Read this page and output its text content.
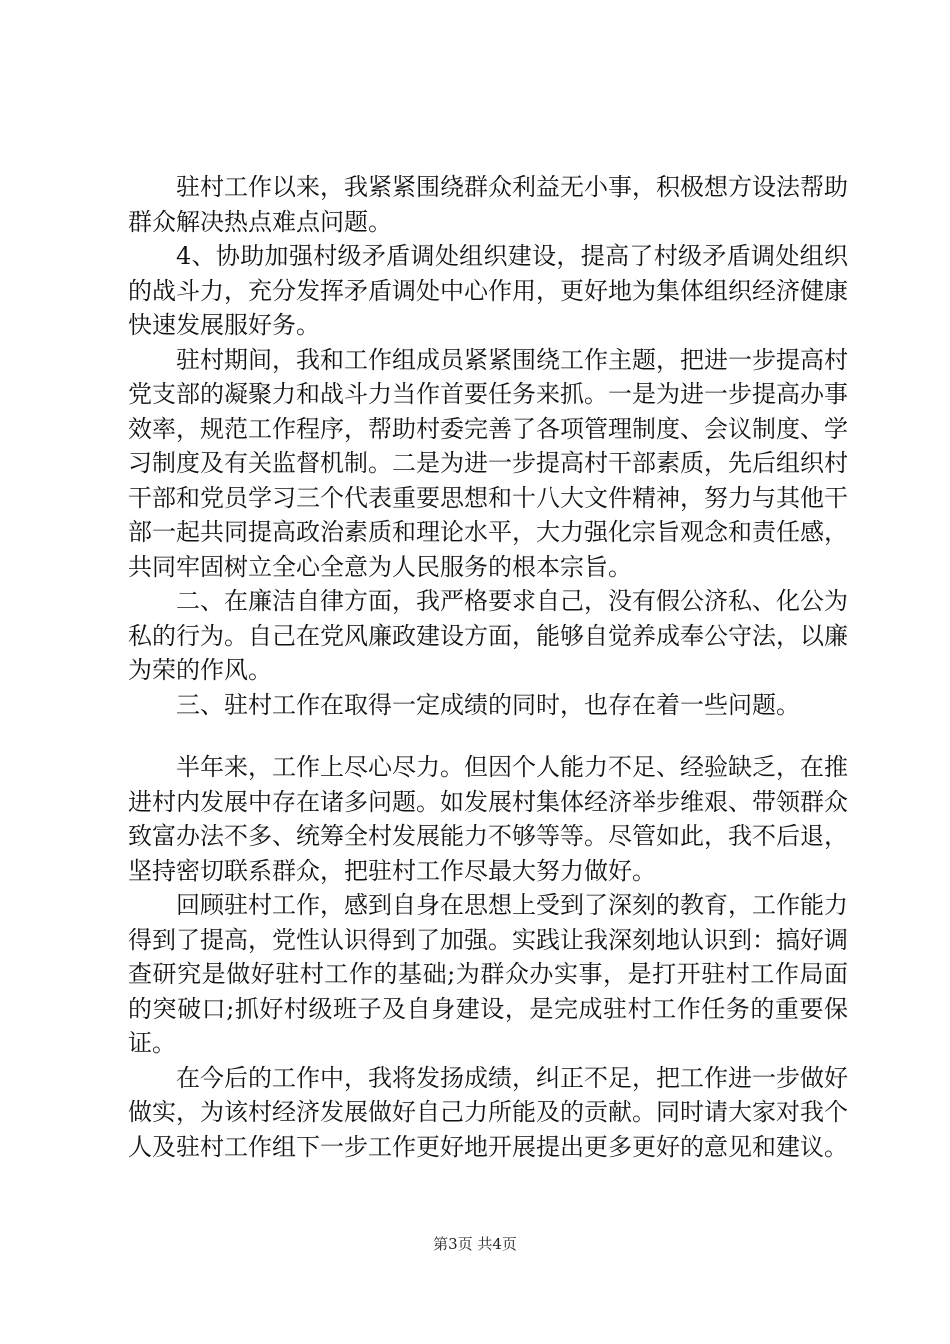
驻村工作以来，我紧紧围绕群众利益无小事，积极想方设法帮助群众解决热点难点问题。

4、协助加强村级矛盾调处组织建设，提高了村级矛盾调处组织的战斗力，充分发挥矛盾调处中心作用，更好地为集体组织经济健康快速发展服好务。

驻村期间，我和工作组成员紧紧围绕工作主题，把进一步提高村党支部的凝聚力和战斗力当作首要任务来抓。一是为进一步提高办事效率，规范工作程序，帮助村委完善了各项管理制度、会议制度、学习制度及有关监督机制。二是为进一步提高村干部素质，先后组织村干部和党员学习三个代表重要思想和十八大文件精神，努力与其他干部一起共同提高政治素质和理论水平，大力强化宗旨观念和责任感，共同牢固树立全心全意为人民服务的根本宗旨。

二、在廉洁自律方面，我严格要求自己，没有假公济私、化公为私的行为。自己在党风廉政建设方面，能够自觉养成奉公守法，以廉为荣的作风。

三、驻村工作在取得一定成绩的同时，也存在着一些问题。

半年来，工作上尽心尽力。但因个人能力不足、经验缺乏，在推进村内发展中存在诸多问题。如发展村集体经济举步维艰、带领群众致富办法不多、统筹全村发展能力不够等等。尽管如此，我不后退，坚持密切联系群众，把驻村工作尽最大努力做好。

回顾驻村工作，感到自身在思想上受到了深刻的教育，工作能力得到了提高，党性认识得到了加强。实践让我深刻地认识到：搞好调查研究是做好驻村工作的基础;为群众办实事，是打开驻村工作局面的突破口;抓好村级班子及自身建设，是完成驻村工作任务的重要保证。

在今后的工作中，我将发扬成绩，纠正不足，把工作进一步做好做实，为该村经济发展做好自己力所能及的贡献。同时请大家对我个人及驻村工作组下一步工作更好地开展提出更多更好的意见和建议。

第3页 共4页
